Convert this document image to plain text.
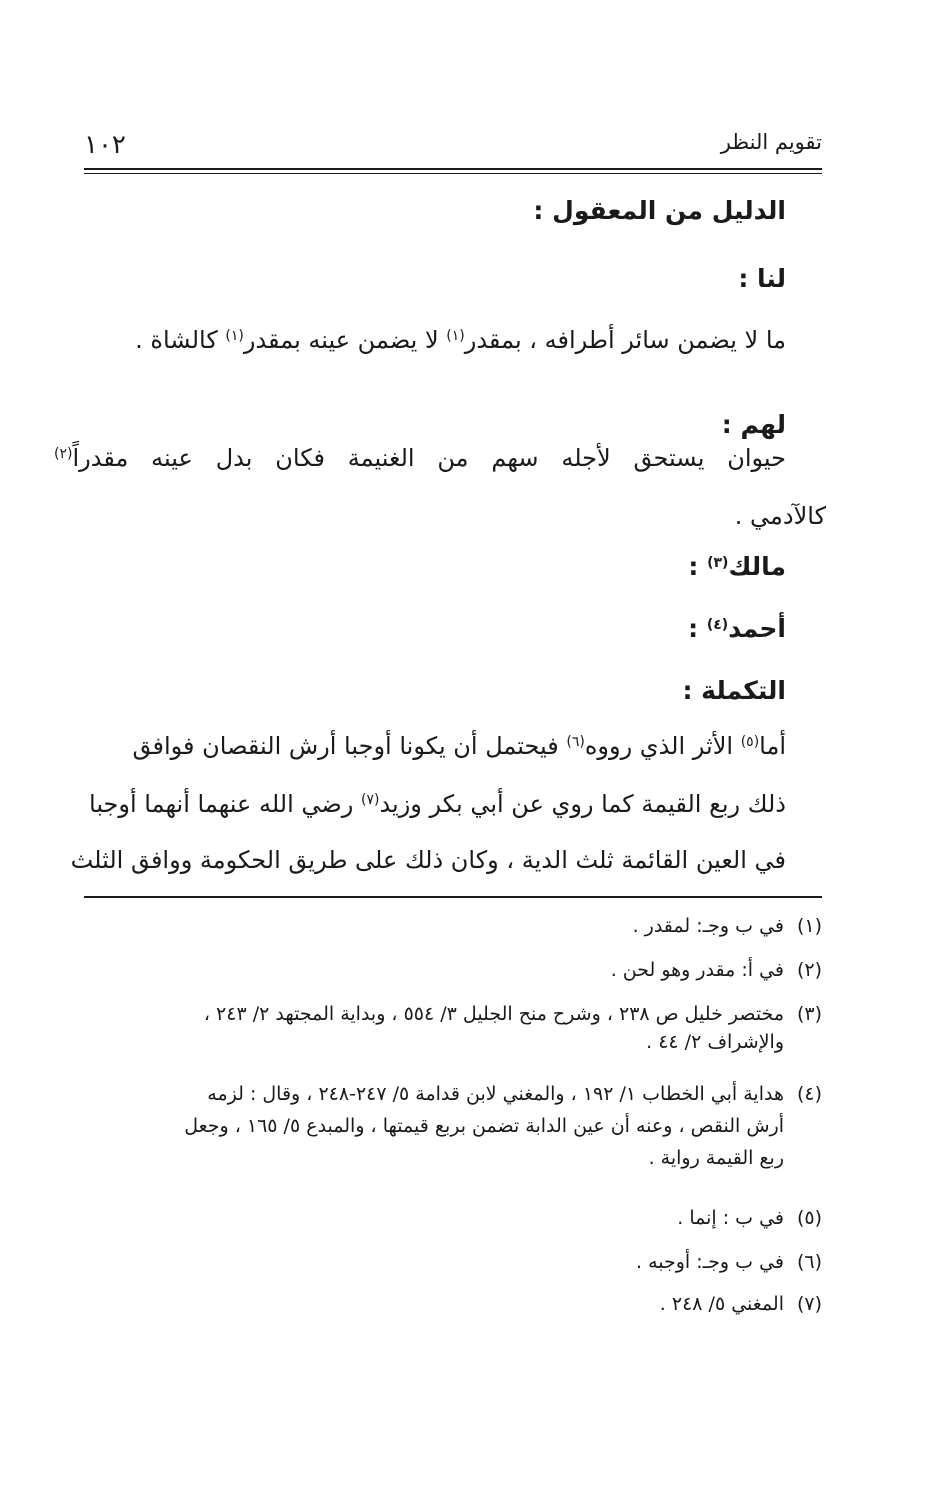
تقويم النظر
١٠٢
الدليل من المعقول :
لنا :
ما لا يضمن سائر أطرافه ، بمقدر$^{(١)}$ لا يضمن عينه بمقدر$^{(١)}$ كالشاة .
لهم :
حيوان يستحق لأجله سهم من الغنيمة فكان بدل عينه مقدراً$^{(٢)}$
كالآدمي .
مالك$^{(٣)}$ :
أحمد$^{(٤)}$ :
التكملة :
أما$^{(٥)}$ الأثر الذي رووه$^{(٦)}$ فيحتمل أن يكونا أوجبا أرش النقصان فوافق
ذلك ربع القيمة كما روي عن أبي بكر وزيد$^{(٧)}$ رضي الله عنهما أنهما أوجبا
في العين القائمة ثلث الدية ، وكان ذلك على طريق الحكومة ووافق الثلث
(١)في ب وجـ: لمقدر .
(٢)في أ: مقدر وهو لحن .
(٣)مختصر خليل ص ٢٣٨ ، وشرح منح الجليل ٣/ ٥٥٤ ، وبداية المجتهد ٢/ ٢٤٣ ،
والإشراف ٢/ ٤٤ .
(٤)هداية أبي الخطاب ١/ ١٩٢ ، والمغني لابن قدامة ٥/ ٢٤٧-٢٤٨ ، وقال : لزمه
أرش النقص ، وعنه أن عين الدابة تضمن بربع قيمتها ، والمبدع ٥/ ١٦٥ ، وجعل
ربع القيمة رواية .
(٥)في ب : إنما .
(٦)في ب وجـ: أوجبه .
(٧)المغني ٥/ ٢٤٨ .
